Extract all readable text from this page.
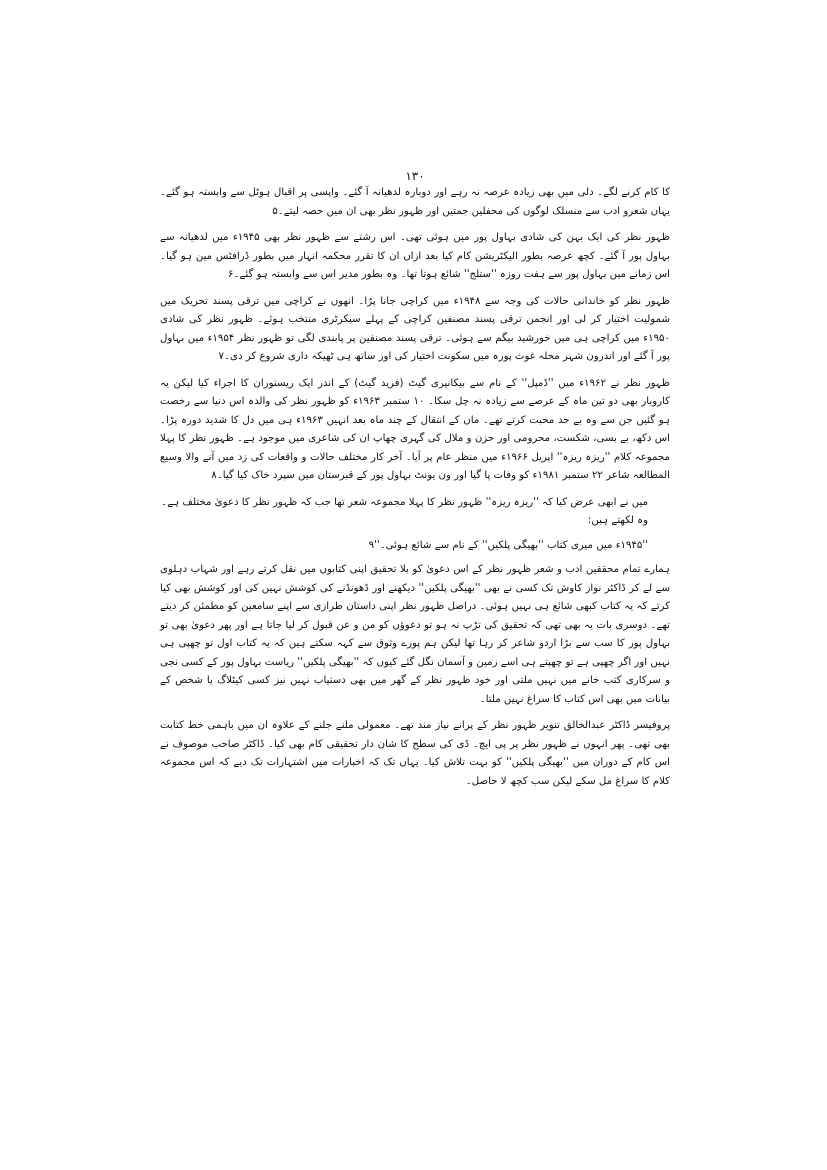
۱۳۰

کا کام کرنے لگے۔ دلی میں بھی زیادہ عرصہ نہ رہے اور دوبارہ لدھیانہ آ گئے۔ واپسی پر اقبال ہوٹل سے وابستہ ہو گئے۔ یہاں شعرو ادب سے منسلک لوگوں کی محفلیں جمتیں اور ظہور نظر بھی ان میں حصہ لیتے۔۵

ظہور نظر کی ایک بہن کی شادی بہاول پور میں ہوئی تھی۔ اس رشتے سے ظہور نظر بھی ۱۹۴۵ء میں لدھیانہ سے بہاول پور آ گئے۔ کچھ عرصہ بطور الیکٹریشن کام کیا بعد ازاں ان کا تقرر محکمہ انہار میں بطور ڈرافٹس مین ہو گیا۔ اس زمانے میں بہاول پور سے ہفت روزہ ''ستلج'' شائع ہوتا تھا۔ وہ بطور مدیر اس سے وابستہ ہو گئے۔۶

ظہور نظر کو خاندانی حالات کی وجہ سے ۱۹۴۸ء میں کراچی جانا پڑا۔ انھوں نے کراچی میں ترقی پسند تحریک میں شمولیت اختیار کر لی اور انجمن ترقی پسند مصنفین کراچی کے پہلے سیکرٹری منتخب ہوئے۔ ظہور نظر کی شادی ۱۹۵۰ء میں کراچی ہی میں خورشید بیگم سے ہوئی۔ ترقی پسند مصنفین پر پابندی لگی تو ظہور نظر ۱۹۵۴ء میں بہاول پور آ گئے اور اندرون شہر محلہ غوث پورہ میں سکونت اختیار کی اور ساتھ ہی ٹھیکہ داری شروع کر دی۔۷

ظہور نظر نے ۱۹۶۲ء میں ''ڈمپل'' کے نام سے بیکانیری گیٹ (فرید گیٹ) کے اندر ایک ریستوران کا اجراء کیا لیکن یہ کاروبار بھی دو تین ماہ کے عرصے سے زیادہ نہ چل سکا۔ ۱۰ ستمبر ۱۹۶۳ء کو ظہور نظر کی والدہ اس دنیا سے رخصت ہو گئیں جن سے وہ بے حد محبت کرتے تھے۔ ماں کے انتقال کے چند ماہ بعد انہیں ۱۹۶۳ء ہی میں دل کا شدید دورہ پڑا۔ اس دکھ، بے بسی، شکست، محرومی اور حزن و ملال کی گہری چھاپ ان کی شاعری میں موجود ہے۔ ظہور نظر کا پہلا مجموعہ کلام ''ریزہ ریزہ'' اپریل ۱۹۶۶ء میں منظر عام پر آیا۔ آخر کار مختلف حالات و واقعات کی زد میں آنے والا وسیع المطالعہ شاعر ۲۲ ستمبر ۱۹۸۱ء کو وفات پا گیا اور ون یونٹ بہاول پور کے قبرستان میں سپرد خاک کیا گیا۔۸

میں نے ابھی عرض کیا کہ ''ریزہ ریزہ'' ظہور نظر کا پہلا مجموعہ شعر تھا جب کہ ظہور نظر کا دعویٰ مختلف ہے۔ وہ لکھتے ہیں:

''۱۹۴۵ء میں میری کتاب ''بھیگی پلکیں'' کے نام سے شائع ہوئی۔''۹

ہمارے تمام محققین ادب و شعر ظہور نظر کے اس دعویٰ کو بلا تحقیق اپنی کتابوں میں نقل کرتے رہے اور شہاب دہلوی سے لے کر ڈاکٹر نواز کاوش تک کسی نے بھی ''بھیگی پلکیں'' دیکھنے اور ڈھونڈنے کی کوشش نہیں کی اور کوشش بھی کیا کرتے کہ یہ کتاب کبھی شائع ہی نہیں ہوئی۔ دراصل ظہور نظر اپنی داستان طرازی سے اپنے سامعین کو مطمئن کر دیتے تھے۔ دوسری بات یہ بھی تھی کہ تحقیق کی تڑپ نہ ہو تو دعوؤں کو من و عن قبول کر لیا جاتا ہے اور پھر دعویٰ بھی تو بہاول پور کا سب سے بڑا اردو شاعر کر رہا تھا لیکن ہم پورے وثوق سے کہہ سکتے ہیں کہ یہ کتاب اول تو چھپی ہی نہیں اور اگر چھپی ہے تو چھپتے ہی اسے زمین و آسمان نگل گئے کیوں کہ ''بھیگی پلکیں'' ریاست بہاول پور کے کسی نجی و سرکاری کتب خانے میں نہیں ملتی اور خود ظہور نظر کے گھر میں بھی دستیاب نہیں نیز کسی کیٹلاگ یا شخص کے بیانات میں بھی اس کتاب کا سراغ نہیں ملتا۔

پروفیسر ڈاکٹر عبدالخالق تنویر ظہور نظر کے پرانے نیاز مند تھے۔ معمولی ملنے جلنے کے علاوہ ان میں باہمی خط کتابت بھی تھی۔ پھر انہوں نے ظہور نظر پر پی ایچ۔ ڈی کی سطح کا شان دار تحقیقی کام بھی کیا۔ ڈاکٹر صاحب موصوف نے اس کام کے دوران میں ''بھیگی پلکیں'' کو بہت تلاش کیا۔ یہاں تک کہ اخبارات میں اشتہارات تک دیے کہ اس مجموعہ کلام کا سراغ مل سکے لیکن سب کچھ لا حاصل۔
